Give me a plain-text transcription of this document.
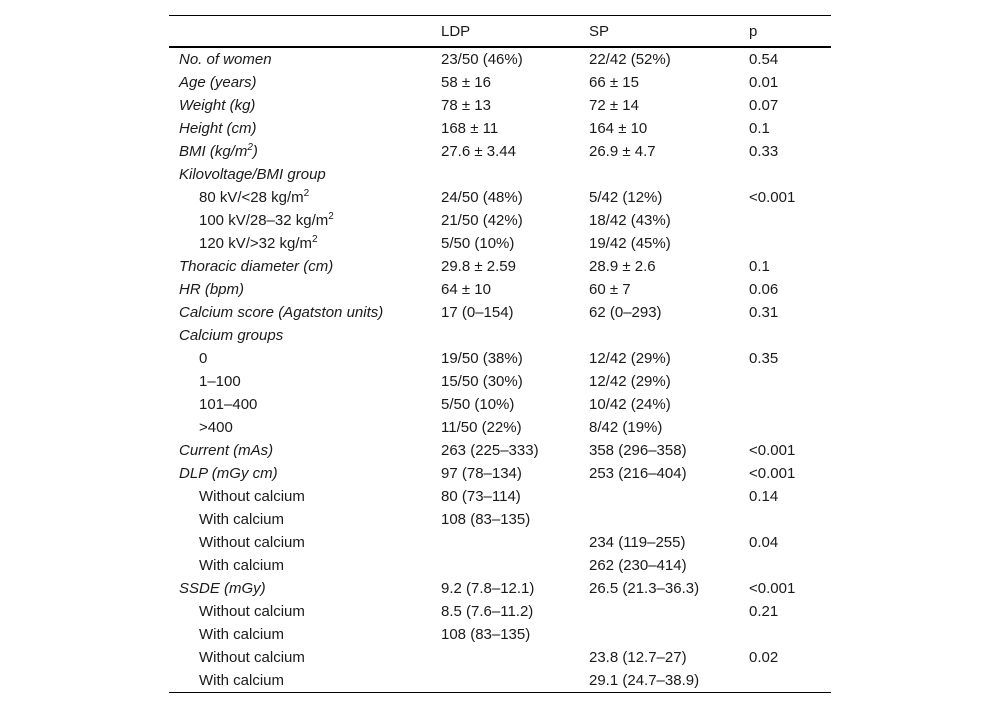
	LDP	SP	p
No. of women	23/50 (46%)	22/42 (52%)	0.54
Age (years)	58 ± 16	66 ± 15	0.01
Weight (kg)	78 ± 13	72 ± 14	0.07
Height (cm)	168 ± 11	164 ± 10	0.1
BMI $(kg/m^2)$	27.6 ± 3.44	26.9 ± 4.7	0.33
Kilovoltage/BMI group			
80 kV/<28 $kg/m^2$	24/50 (48%)	5/42 (12%)	<0.001
100 kV/28–32 $kg/m^2$	21/50 (42%)	18/42 (43%)	
120 kV/>32 $kg/m^2$	5/50 (10%)	19/42 (45%)	
Thoracic diameter (cm)	29.8 ± 2.59	28.9 ± 2.6	0.1
HR (bpm)	64 ± 10	60 ± 7	0.06
Calcium score (Agatston units)	17 (0–154)	62 (0–293)	0.31
Calcium groups			
0	19/50 (38%)	12/42 (29%)	0.35
1–100	15/50 (30%)	12/42 (29%)	
101–400	5/50 (10%)	10/42 (24%)	
>400	11/50 (22%)	8/42 (19%)	
Current (mAs)	263 (225–333)	358 (296–358)	<0.001
DLP (mGy cm)	97 (78–134)	253 (216–404)	<0.001
Without calcium	80 (73–114)		0.14
With calcium	108 (83–135)		
Without calcium		234 (119–255)	0.04
With calcium		262 (230–414)	
SSDE (mGy)	9.2 (7.8–12.1)	26.5 (21.3–36.3)	<0.001
Without calcium	8.5 (7.6–11.2)		0.21
With calcium	108 (83–135)		
Without calcium		23.8 (12.7–27)	0.02
With calcium		29.1 (24.7–38.9)	
